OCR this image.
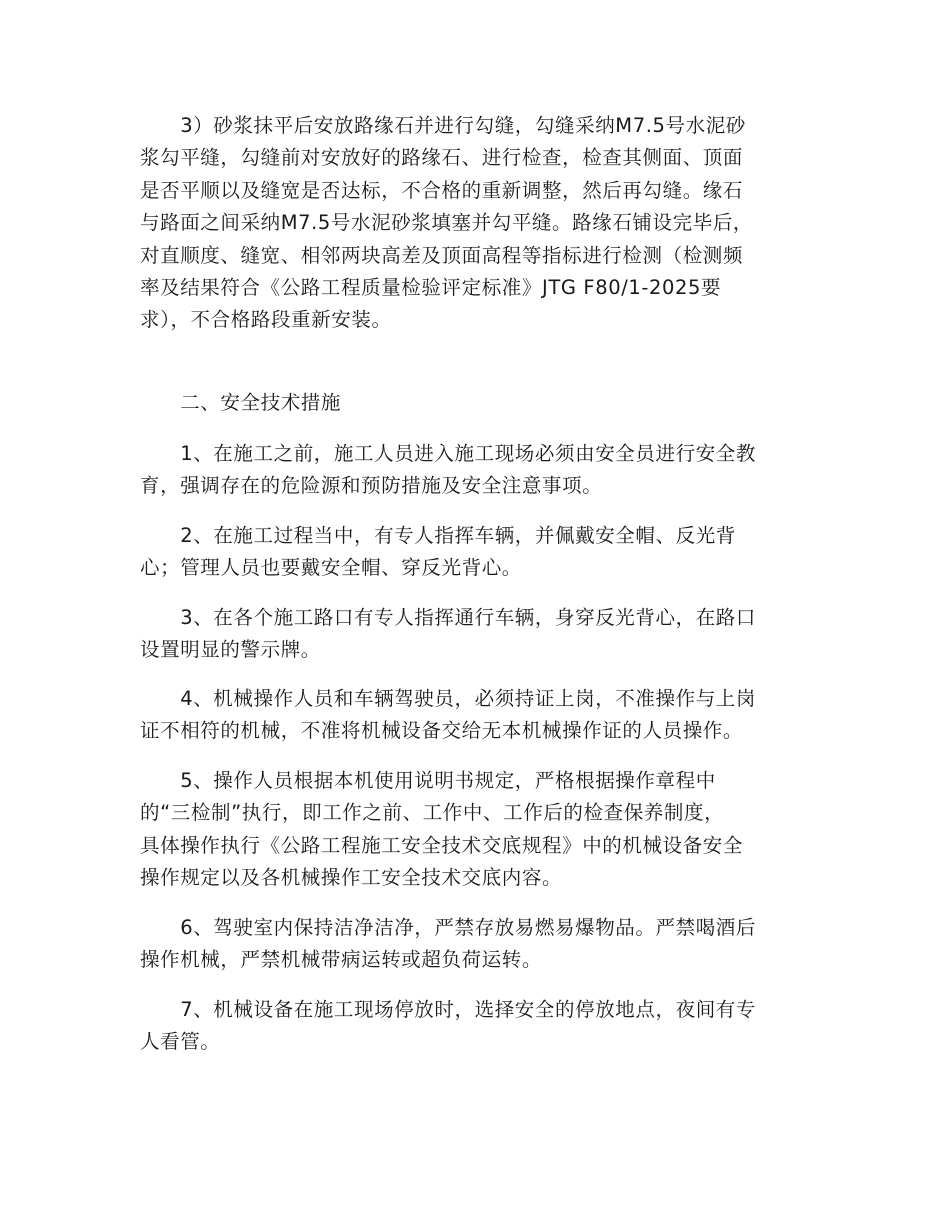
　　3）砂浆抹平后安放路缘石并进行勾缝，勾缝采纳M7.5号水泥砂
浆勾平缝，勾缝前对安放好的路缘石、进行检查，检查其侧面、顶面
是否平顺以及缝宽是否达标，不合格的重新调整，然后再勾缝。缘石
与路面之间采纳M7.5号水泥砂浆填塞并勾平缝。路缘石铺设完毕后，
对直顺度、缝宽、相邻两块高差及顶面高程等指标进行检测（检测频
率及结果符合《公路工程质量检验评定标准》JTG F80/1-2025要
求），不合格路段重新安装。
　　二、安全技术措施
　　1、在施工之前，施工人员进入施工现场必须由安全员进行安全教
育，强调存在的危险源和预防措施及安全注意事项。
　　2、在施工过程当中，有专人指挥车辆，并佩戴安全帽、反光背
心；管理人员也要戴安全帽、穿反光背心。
　　3、在各个施工路口有专人指挥通行车辆，身穿反光背心，在路口
设置明显的警示牌。
　　4、机械操作人员和车辆驾驶员，必须持证上岗，不准操作与上岗
证不相符的机械，不准将机械设备交给无本机械操作证的人员操作。
　　5、操作人员根据本机使用说明书规定，严格根据操作章程中
的“三检制”执行，即工作之前、工作中、工作后的检查保养制度，
具体操作执行《公路工程施工安全技术交底规程》中的机械设备安全
操作规定以及各机械操作工安全技术交底内容。
　　6、驾驶室内保持洁净洁净，严禁存放易燃易爆物品。严禁喝酒后
操作机械，严禁机械带病运转或超负荷运转。
　　7、机械设备在施工现场停放时，选择安全的停放地点，夜间有专
人看管。
